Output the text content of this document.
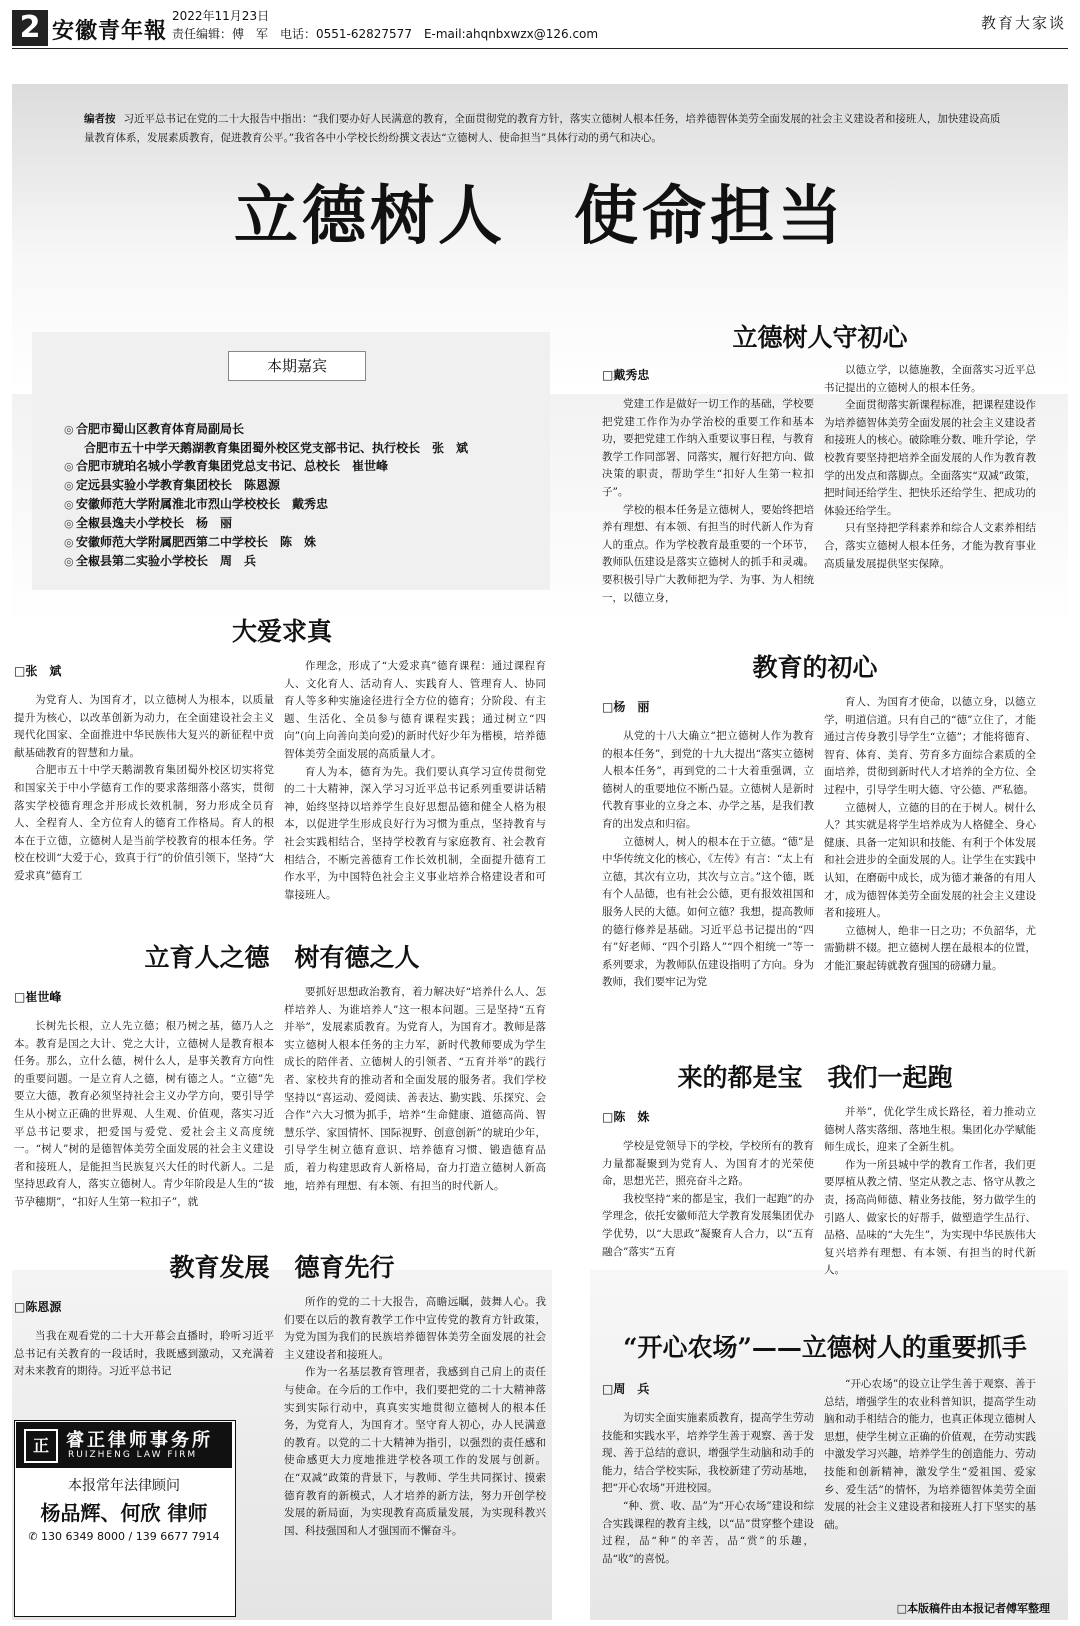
2 安徽青年報
2022年11月23日
责任编辑：傅　军　电话：0551-62827577　E-mail:ahqnbxwzx@126.com
教育大家谈
编者按 习近平总书记在党的二十大报告中指出：“我们要办好人民满意的教育，全面贯彻党的教育方针，落实立德树人根本任务，培养德智体美劳全面发展的社会主义建设者和接班人，加快建设高质量教育体系，发展素质教育，促进教育公平。”我省各中小学校长纷纷撰文表达“立德树人、使命担当”具体行动的勇气和决心。
立德树人　使命担当
本期嘉宾
◎ 合肥市蜀山区教育体育局副局长
合肥市五十中学天鹅湖教育集团蜀外校区党支部书记、执行校长　张　斌
◎ 合肥市琥珀名城小学教育集团党总支书记、总校长　崔世峰
◎ 定远县实验小学教育集团校长　陈恩源
◎ 安徽师范大学附属淮北市烈山学校校长　戴秀忠
◎ 全椒县逸夫小学校长　杨　丽
◎ 安徽师范大学附属肥西第二中学校长　陈　姝
◎ 全椒县第二实验小学校长　周　兵
立德树人守初心
□戴秀忠

党建工作是做好一切工作的基础，学校要把党建工作作为办学治校的重要工作和基本功，要把党建工作纳入重要议事日程，与教育教学工作同部署、同落实，履行好把方向、做决策的职责，帮助学生“扣好人生第一粒扣子”。

学校的根本任务是立德树人，要始终把培养有理想、有本领、有担当的时代新人作为育人的重点。作为学校教育最重要的一个环节，教师队伍建设是落实立德树人的抓手和灵魂。要积极引导广大教师把为学、为事、为人相统一，以德立身，

以德立学，以德施教，全面落实习近平总书记提出的立德树人的根本任务。

全面贯彻落实新课程标准，把课程建设作为培养德智体美劳全面发展的社会主义建设者和接班人的核心。破除唯分数、唯升学论，学校教育要坚持把培养全面发展的人作为教育教学的出发点和落脚点。全面落实“双减”政策，把时间还给学生、把快乐还给学生、把成功的体验还给学生。

只有坚持把学科素养和综合人文素养相结合，落实立德树人根本任务，才能为教育事业高质量发展提供坚实保障。

大爱求真
□张　斌

为党育人、为国育才，以立德树人为根本，以质量提升为核心，以改革创新为动力，在全面建设社会主义现代化国家、全面推进中华民族伟大复兴的新征程中贡献基础教育的智慧和力量。

合肥市五十中学天鹅湖教育集团蜀外校区切实将党和国家关于中小学德育工作的要求落细落小落实，贯彻落实学校德育理念并形成长效机制，努力形成全员育人、全程育人、全方位育人的德育工作格局。育人的根本在于立德，立德树人是当前学校教育的根本任务。学校在校训“大爱于心，致真于行”的价值引领下，坚持“大爱求真”德育工

作理念，形成了“大爱求真”德育课程：通过课程育人、文化育人、活动育人、实践育人、管理育人、协同育人等多种实施途径进行全方位的德育；分阶段、有主题、生活化、全员参与德育课程实践；通过树立“四向”(向上向善向美向爱)的新时代好少年为楷模，培养德智体美劳全面发展的高质量人才。

育人为本，德育为先。我们要认真学习宣传贯彻党的二十大精神，深入学习习近平总书记系列重要讲话精神，始终坚持以培养学生良好思想品德和健全人格为根本，以促进学生形成良好行为习惯为重点，坚持教育与社会实践相结合，坚持学校教育与家庭教育、社会教育相结合，不断完善德育工作长效机制，全面提升德育工作水平，为中国特色社会主义事业培养合格建设者和可靠接班人。

教育的初心
□杨　丽

从党的十八大确立“把立德树人作为教育的根本任务”，到党的十九大提出“落实立德树人根本任务”，再到党的二十大着重强调，立德树人的重要地位不断凸显。立德树人是新时代教育事业的立身之本、办学之基，是我们教育的出发点和归宿。

立德树人，树人的根本在于立德。“德”是中华传统文化的核心，《左传》有言：“太上有立德，其次有立功，其次与立言。”这个德，既有个人品德，也有社会公德，更有报效祖国和服务人民的大德。如何立德？我想，提高教师的德行修养是基础。习近平总书记提出的“四有”好老师、“四个引路人”“四个相统一”等一系列要求，为教师队伍建设指明了方向。身为教师，我们要牢记为党

育人、为国育才使命，以德立身，以德立学，明道信道。只有自己的“德”立住了，才能通过言传身教引导学生“立德”；才能将德育、智育、体育、美育、劳育多方面综合素质的全面培养，贯彻到新时代人才培养的全方位、全过程中，引导学生明大德、守公德、严私德。

立德树人，立德的目的在于树人。树什么人？其实就是将学生培养成为人格健全、身心健康、具备一定知识和技能、有利于个体发展和社会进步的全面发展的人。让学生在实践中认知，在磨砺中成长，成为德才兼备的有用人才，成为德智体美劳全面发展的社会主义建设者和接班人。

立德树人，绝非一日之功；不负韶华，尤需勤耕不辍。把立德树人摆在最根本的位置，才能汇聚起铸就教育强国的磅礴力量。

立育人之德　树有德之人
□崔世峰

长树先长根，立人先立德；根乃树之基，德乃人之本。教育是国之大计、党之大计，立德树人是教育根本任务。那么，立什么德，树什么人，是事关教育方向性的重要问题。一是立育人之德，树有德之人。“立德”先要立大德，教育必须坚持社会主义办学方向，要引导学生从小树立正确的世界观、人生观、价值观，落实习近平总书记要求，把爱国与爱党、爱社会主义高度统一。“树人”树的是德智体美劳全面发展的社会主义建设者和接班人，是能担当民族复兴大任的时代新人。二是坚持思政育人，落实立德树人。青少年阶段是人生的“拔节孕穗期”，“扣好人生第一粒扣子”，就

要抓好思想政治教育，着力解决好“培养什么人、怎样培养人、为谁培养人”这一根本问题。三是坚持“五育并举”，发展素质教育。为党育人，为国育才。教师是落实立德树人根本任务的主力军，新时代教师要成为学生成长的陪伴者、立德树人的引领者、“五育并举”的践行者、家校共育的推动者和全面发展的服务者。我们学校坚持以“喜运动、爱阅读、善表达、勤实践、乐探究、会合作”六大习惯为抓手，培养“生命健康、道德高尚、智慧乐学、家国情怀、国际视野、创意创新”的琥珀少年，引导学生树立德育意识、培养德育习惯、锻造德育品质，着力构建思政育人新格局，奋力打造立德树人新高地，培养有理想、有本领、有担当的时代新人。

来的都是宝　我们一起跑
□陈　姝

学校是党领导下的学校，学校所有的教育力量都凝聚到为党育人、为国育才的光荣使命，思想光芒，照亮奋斗之路。

我校坚持“来的都是宝，我们一起跑”的办学理念，依托安徽师范大学教育发展集团优办学优势，以“大思政”凝聚育人合力，以“五育融合”落实“五育

并举”，优化学生成长路径，着力推动立德树人落实落细、落地生根。集团化办学赋能师生成长，迎来了全新生机。

作为一所县城中学的教育工作者，我们更要厚植从教之情、坚定从教之志、恪守从教之责，扬高尚师德、精业务技能，努力做学生的引路人、做家长的好帮手，做塑造学生品行、品格、品味的“大先生”，为实现中华民族伟大复兴培养有理想、有本领、有担当的时代新人。

教育发展　德育先行
□陈恩源

当我在观看党的二十大开幕会直播时，聆听习近平总书记有关教育的一段话时，我既感到激动，又充满着对未来教育的期待。习近平总书记

所作的党的二十大报告，高瞻远瞩，鼓舞人心。我们要在以后的教育教学工作中宣传党的教育方针政策，为党为国为我们的民族培养德智体美劳全面发展的社会主义建设者和接班人。

作为一名基层教育管理者，我感到自己肩上的责任与使命。在今后的工作中，我们要把党的二十大精神落实到实际行动中，真真实实地贯彻立德树人的根本任务，为党育人，为国育才。坚守育人初心，办人民满意的教育。以党的二十大精神为指引，以强烈的责任感和使命感更大力度地推进学校各项工作的发展与创新。在“双减”政策的背景下，与教师、学生共同探讨、摸索德育教育的新模式，人才培养的新方法，努力开创学校发展的新局面，为实现教育高质量发展，为实现科教兴国、科技强国和人才强国而不懈奋斗。

“开心农场”——立德树人的重要抓手
□周　兵

为切实全面实施素质教育，提高学生劳动技能和实践水平，培养学生善于观察、善于发现、善于总结的意识，增强学生动脑和动手的能力，结合学校实际，我校新建了劳动基地，把“开心农场”开进校园。

“种、赏、收、品”为“开心农场”建设和综合实践课程的教育主线，以“品”贯穿整个建设过程，品“种”的辛苦，品“赏”的乐趣，品“收”的喜悦。

“开心农场”的设立让学生善于观察、善于总结，增强学生的农业科普知识，提高学生动脑和动手相结合的能力，也真正体现立德树人思想，使学生树立正确的价值观，在劳动实践中激发学习兴趣，培养学生的创造能力、劳动技能和创新精神，激发学生“爱祖国、爱家乡、爱生活”的情怀，为培养德智体美劳全面发展的社会主义建设者和接班人打下坚实的基础。

正 睿正律师事务所
RUIZHENG LAW FIRM
本报常年法律顾问
杨品辉、何欣 律师
✆ 130 6349 8000 / 139 6677 7914
□本版稿件由本报记者傅军整理
